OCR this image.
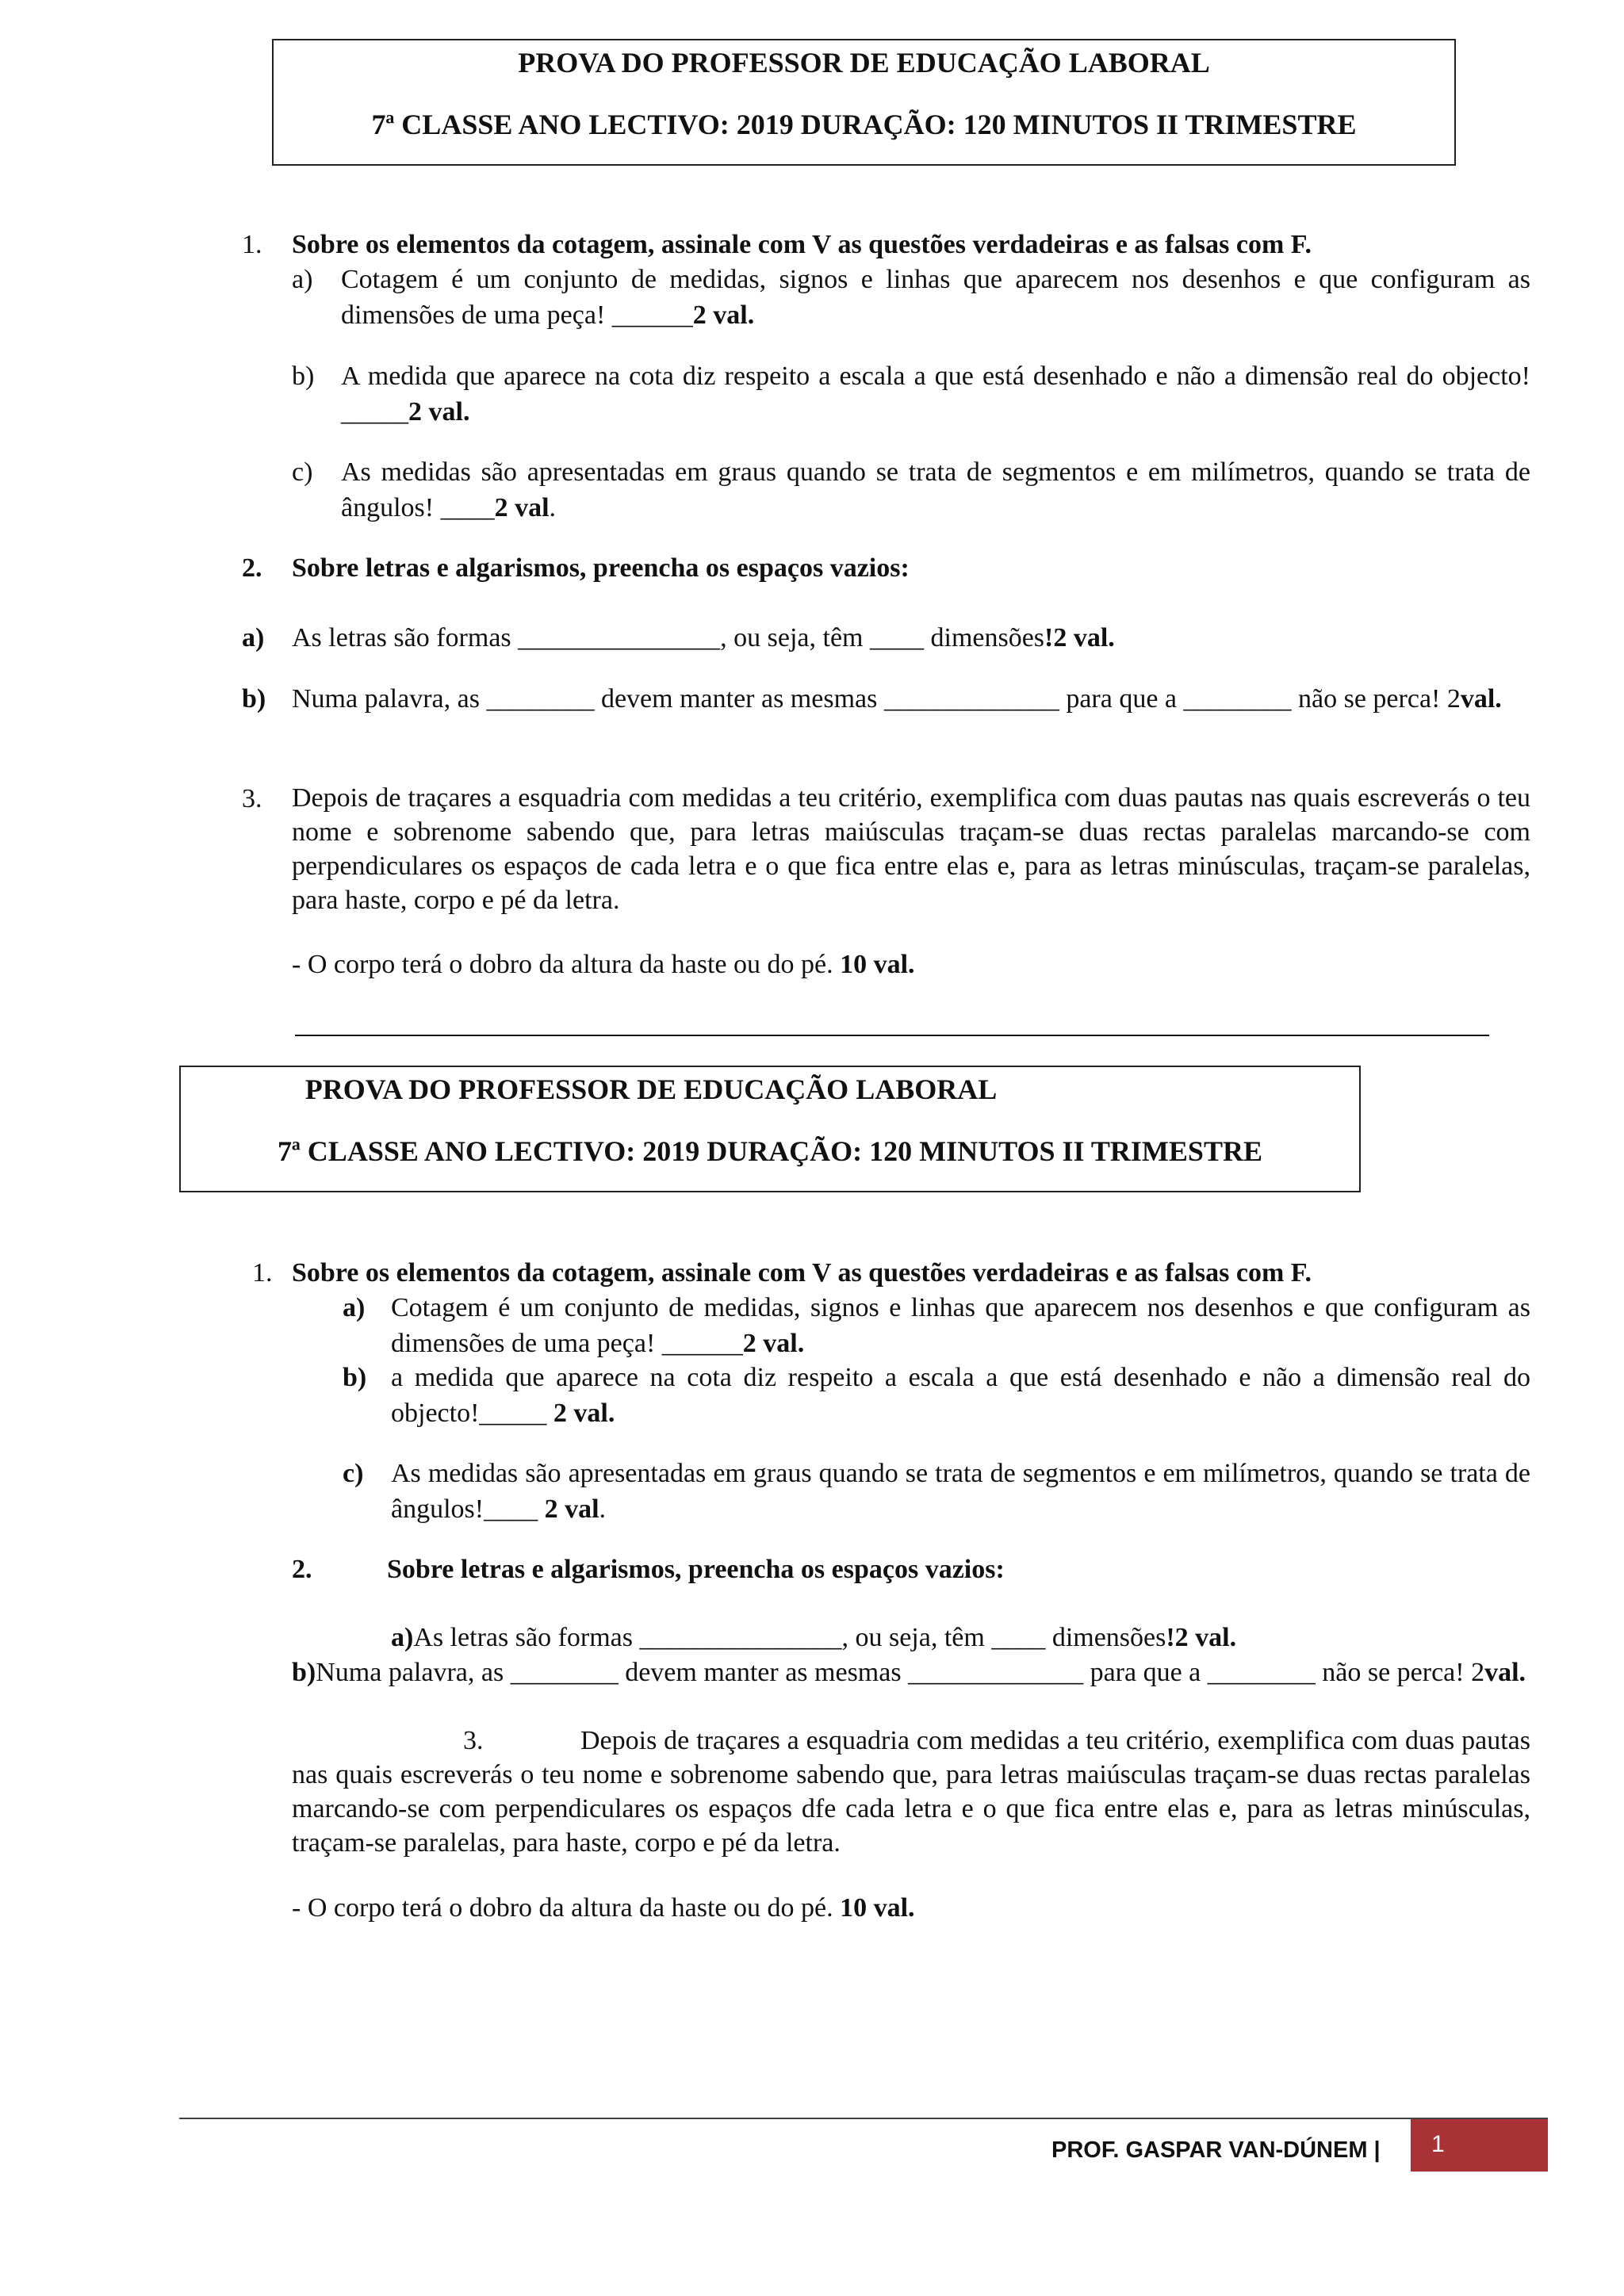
PROVA DO PROFESSOR DE EDUCAÇÃO LABORAL
7ª CLASSE ANO LECTIVO: 2019 DURAÇÃO: 120 MINUTOS II TRIMESTRE
1. Sobre os elementos da cotagem, assinale com V as questões verdadeiras e as falsas com F.
a) Cotagem é um conjunto de medidas, signos e linhas que aparecem nos desenhos e que configuram as dimensões de uma peça! ______2 val.
b) A medida que aparece na cota diz respeito a escala a que está desenhado e não a dimensão real do objecto! _____2 val.
c) As medidas são apresentadas em graus quando se trata de segmentos e em milímetros, quando se trata de ângulos! ____2 val.
2. Sobre letras e algarismos, preencha os espaços vazios:
a) As letras são formas _______________, ou seja, têm ____ dimensões!2 val.
b) Numa palavra, as ________ devem manter as mesmas _____________ para que a ________ não se perca! 2val.
3. Depois de traçares a esquadria com medidas a teu critério, exemplifica com duas pautas nas quais escreverás o teu nome e sobrenome sabendo que, para letras maiúsculas traçam-se duas rectas paralelas marcando-se com perpendiculares os espaços de cada letra e o que fica entre elas e, para as letras minúsculas, traçam-se paralelas, para haste, corpo e pé da letra.
- O corpo terá o dobro da altura da haste ou do pé. 10 val.
PROVA DO PROFESSOR DE EDUCAÇÃO LABORAL
7ª CLASSE ANO LECTIVO: 2019 DURAÇÃO: 120 MINUTOS II TRIMESTRE
1. Sobre os elementos da cotagem, assinale com V as questões verdadeiras e as falsas com F.
a) Cotagem é um conjunto de medidas, signos e linhas que aparecem nos desenhos e que configuram as dimensões de uma peça! ______2 val.
b) a medida que aparece na cota diz respeito a escala a que está desenhado e não a dimensão real do objecto!_____ 2 val.
c) As medidas são apresentadas em graus quando se trata de segmentos e em milímetros, quando se trata de ângulos!____ 2 val.
2.	Sobre letras e algarismos, preencha os espaços vazios:
a)As letras são formas _______________, ou seja, têm ____ dimensões!2 val.
b)Numa palavra, as ________ devem manter as mesmas _____________ para que a ________ não se perca! 2val.
3.	Depois de traçares a esquadria com medidas a teu critério, exemplifica com duas pautas nas quais escreverás o teu nome e sobrenome sabendo que, para letras maiúsculas traçam-se duas rectas paralelas marcando-se com perpendiculares os espaços dfe cada letra e o que fica entre elas e, para as letras minúsculas, traçam-se paralelas, para haste, corpo e pé da letra.
- O corpo terá o dobro da altura da haste ou do pé. 10 val.
PROF. GASPAR VAN-DÚNEM |	1
